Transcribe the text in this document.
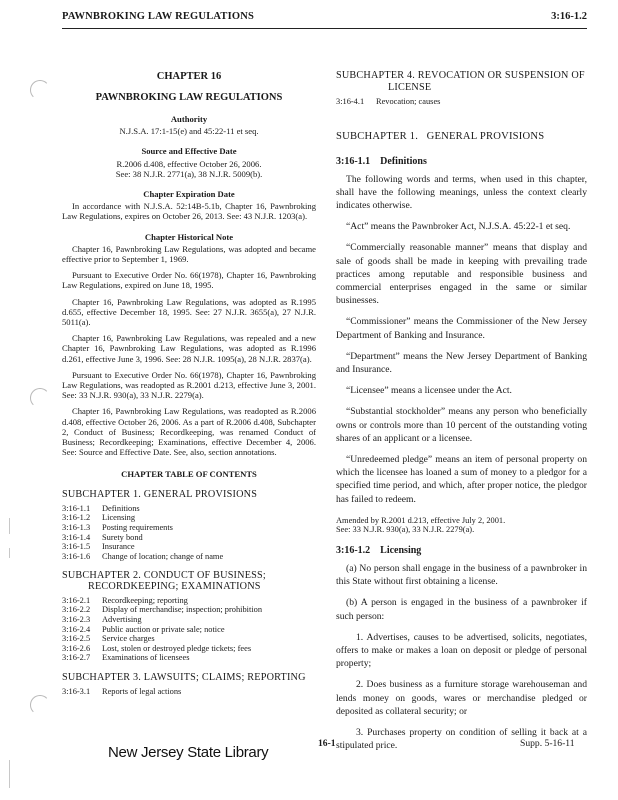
PAWNBROKING LAW REGULATIONS	3:16-1.2

CHAPTER 16

PAWNBROKING LAW REGULATIONS

Authority

N.J.S.A. 17:1-15(e) and 45:22-11 et seq.

Source and Effective Date

R.2006 d.408, effective October 26, 2006.

See: 38 N.J.R. 2771(a), 38 N.J.R. 5009(b).

Chapter Expiration Date

In accordance with N.J.S.A. 52:14B-5.1b, Chapter 16, Pawnbroking Law Regulations, expires on October 26, 2013. See: 43 N.J.R. 1203(a).

Chapter Historical Note

Chapter 16, Pawnbroking Law Regulations, was adopted and became effective prior to September 1, 1969.

Pursuant to Executive Order No. 66(1978), Chapter 16, Pawnbroking Law Regulations, expired on June 18, 1995.

Chapter 16, Pawnbroking Law Regulations, was adopted as R.1995 d.655, effective December 18, 1995. See: 27 N.J.R. 3655(a), 27 N.J.R. 5011(a).

Chapter 16, Pawnbroking Law Regulations, was repealed and a new Chapter 16, Pawnbroking Law Regulations, was adopted as R.1996 d.261, effective June 3, 1996. See: 28 N.J.R. 1095(a), 28 N.J.R. 2837(a).

Pursuant to Executive Order No. 66(1978), Chapter 16, Pawnbroking Law Regulations, was readopted as R.2001 d.213, effective June 3, 2001. See: 33 N.J.R. 930(a), 33 N.J.R. 2279(a).

Chapter 16, Pawnbroking Law Regulations, was readopted as R.2006 d.408, effective October 26, 2006. As a part of R.2006 d.408, Subchapter 2, Conduct of Business; Recordkeeping, was renamed Conduct of Business; Recordkeeping; Examinations, effective December 4, 2006. See: Source and Effective Date. See, also, section annotations.

CHAPTER TABLE OF CONTENTS

SUBCHAPTER 1. GENERAL PROVISIONS

3:16-1.1	Definitions
3:16-1.2	Licensing
3:16-1.3	Posting requirements
3:16-1.4	Surety bond
3:16-1.5	Insurance
3:16-1.6	Change of location; change of name

SUBCHAPTER 2. CONDUCT OF BUSINESS;

RECORDKEEPING; EXAMINATIONS

3:16-2.1	Recordkeeping; reporting
3:16-2.2	Display of merchandise; inspection; prohibition
3:16-2.3	Advertising
3:16-2.4	Public auction or private sale; notice
3:16-2.5	Service charges
3:16-2.6	Lost, stolen or destroyed pledge tickets; fees
3:16-2.7	Examinations of licensees

SUBCHAPTER 3. LAWSUITS; CLAIMS; REPORTING

3:16-3.1	Reports of legal actions

SUBCHAPTER 4. REVOCATION OR SUSPENSION OF

LICENSE

3:16-4.1	Revocation; causes

SUBCHAPTER 1.   GENERAL PROVISIONS

3:16-1.1 Definitions

The following words and terms, when used in this chapter, shall have the following meanings, unless the context clearly indicates otherwise.

“Act” means the Pawnbroker Act, N.J.S.A. 45:22-1 et seq.

“Commercially reasonable manner” means that display and sale of goods shall be made in keeping with prevailing trade practices among reputable and responsible business and commercial enterprises engaged in the same or similar businesses.

“Commissioner” means the Commissioner of the New Jersey Department of Banking and Insurance.

“Department” means the New Jersey Department of Banking and Insurance.

“Licensee” means a licensee under the Act.

“Substantial stockholder” means any person who beneficially owns or controls more than 10 percent of the outstanding voting shares of an applicant or a licensee.

“Unredeemed pledge” means an item of personal property on which the licensee has loaned a sum of money to a pledgor for a specified time period, and which, after proper notice, the pledgor has failed to redeem.

Amended by R.2001 d.213, effective July 2, 2001.

See: 33 N.J.R. 930(a), 33 N.J.R. 2279(a).

3:16-1.2 Licensing

(a) No person shall engage in the business of a pawnbroker in this State without first obtaining a license.

(b) A person is engaged in the business of a pawnbroker if such person:

1. Advertises, causes to be advertised, solicits, negotiates, offers to make or makes a loan on deposit or pledge of personal property;

2. Does business as a furniture storage warehouseman and lends money on goods, wares or merchandise pledged or deposited as collateral security; or

3. Purchases property on condition of selling it back at a stipulated price.

New Jersey State Library
16-1	Supp. 5-16-11
